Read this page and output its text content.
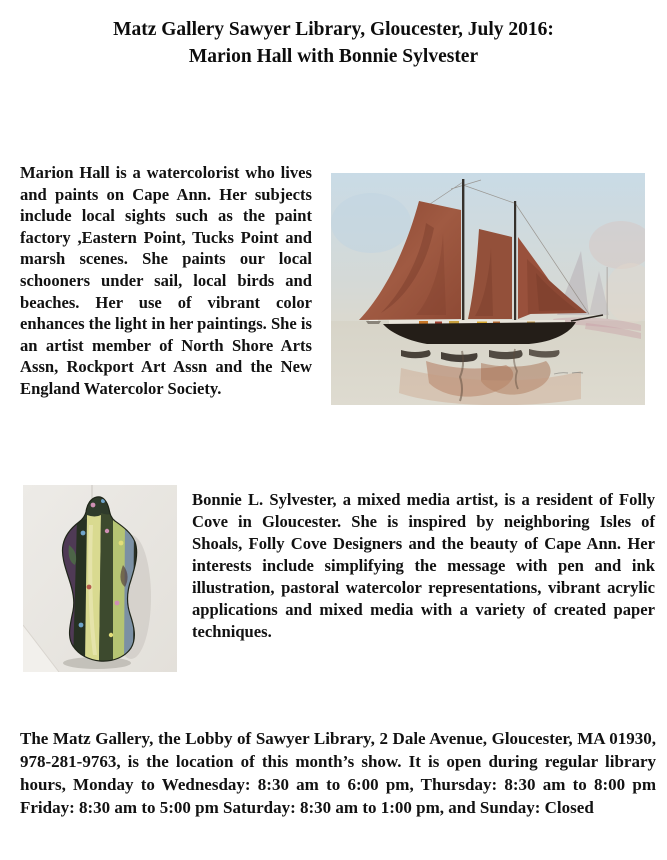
Matz Gallery Sawyer Library, Gloucester, July 2016:
Marion Hall with Bonnie Sylvester
Marion Hall is a watercolorist who lives and paints on Cape Ann. Her subjects include local sights such as the paint factory ,Eastern Point, Tucks Point and marsh scenes. She paints our local schooners under sail, local birds and beaches. Her use of vibrant color enhances the light in her paintings. She is an artist member of North Shore Arts Assn, Rockport Art Assn and the New England Watercolor Society.
Bonnie L. Sylvester, a mixed media artist, is a resident of Folly Cove in Gloucester. She is inspired by neighboring Isles of Shoals, Folly Cove Designers and the beauty of Cape Ann. Her interests include simplifying the message with pen and ink illustration, pastoral watercolor representations, vibrant acrylic applications and mixed media with a variety of created paper techniques.
The Matz Gallery, the Lobby of Sawyer Library, 2 Dale Avenue, Gloucester, MA 01930, 978-281-9763, is the location of this month’s show. It is open during regular library hours, Monday to Wednesday: 8:30 am to 6:00 pm, Thursday: 8:30 am to 8:00 pm Friday: 8:30 am to 5:00 pm Saturday: 8:30 am to 1:00 pm, and Sunday: Closed
